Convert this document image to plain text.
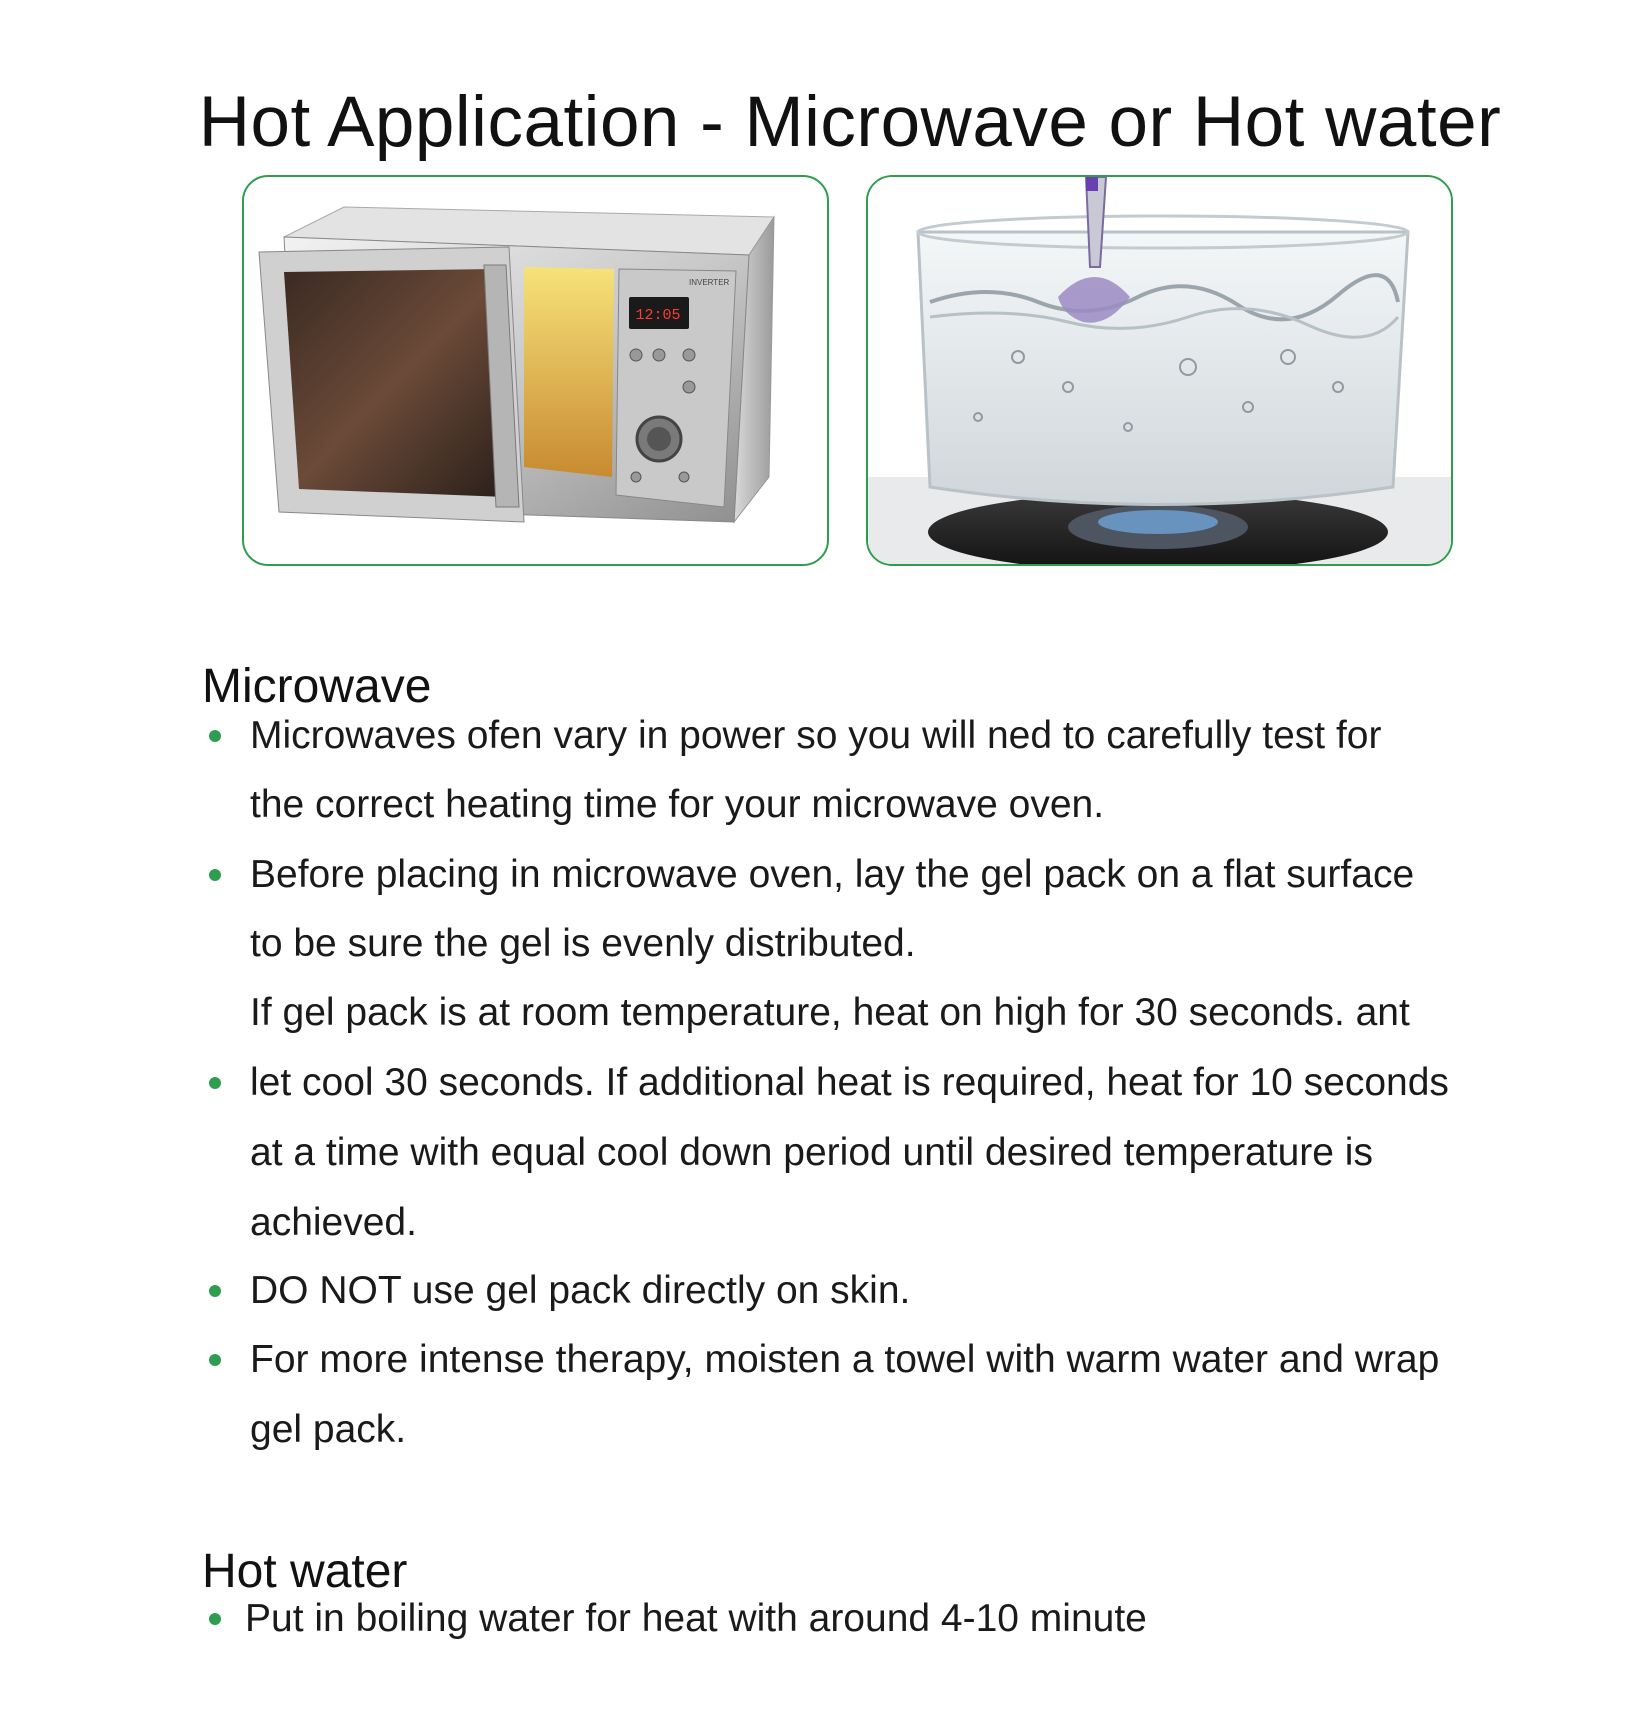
Hot Application - Microwave or Hot water
12:05
INVERTER
Microwave
Microwaves ofen vary in power so you will ned to carefully test for
the correct heating time for your microwave oven.
Before placing in microwave oven, lay the gel pack on a flat surface
to be sure the gel is evenly distributed.
If gel pack is at room temperature, heat on high for 30 seconds. ant
let cool 30 seconds. If additional heat is required, heat for 10 seconds
at a time with equal cool down period until desired temperature is
achieved.
DO NOT use gel pack directly on skin.
For more intense therapy, moisten a towel with warm water and wrap
gel pack.
Hot water
Put in boiling water for heat with around 4-10 minute
